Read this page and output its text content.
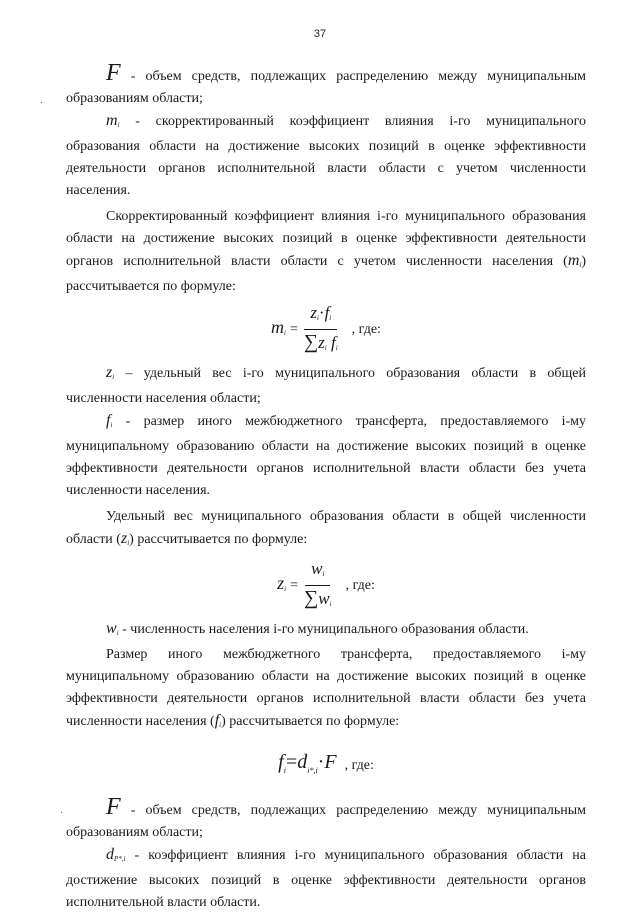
37
·
·

F - объем средств, подлежащих распределению между муниципальным образованиям области;

$m_i$ - скорректированный коэффициент влияния i-го муниципального образования области на достижение высоких позиций в оценке эффективности деятельности органов исполнительной власти области с учетом численности населения.

Скорректированный коэффициент влияния i-го муниципального образования области на достижение высоких позиций в оценке эффективности деятельности органов исполнительной власти области с учетом численности населения $(m_i)$ рассчитывается по формуле:

$m_i = \frac{z_i\cdot f_i}{\sum z_i f_i}$ , где:

$z_i$ – удельный вес i-го муниципального образования области в общей численности населения области;

$f_i$ - размер иного межбюджетного трансферта, предоставляемого i-му муниципальному образованию области на достижение высоких позиций в оценке эффективности деятельности органов исполнительной власти области без учета численности населения.

Удельный вес муниципального образования области в общей численности области $(z_i)$ рассчитывается по формуле:

$z_i = \frac{w_i}{\sum w_i}$ , где:

$w_i$ - численность населения i-го муниципального образования области.

Размер иного межбюджетного трансферта, предоставляемого i-му муниципальному образованию области на достижение высоких позиций в оценке эффективности деятельности органов исполнительной власти области без учета численности населения $(f_i)$ рассчитывается по формуле:

$f_i=d_{i*,i}\cdot F$ , где:

F - объем средств, подлежащих распределению между муниципальным образованиям области;

$d_{P*,i}$ - коэффициент влияния i-го муниципального образования области на достижение высоких позиций в оценке эффективности деятельности органов исполнительной власти области.
